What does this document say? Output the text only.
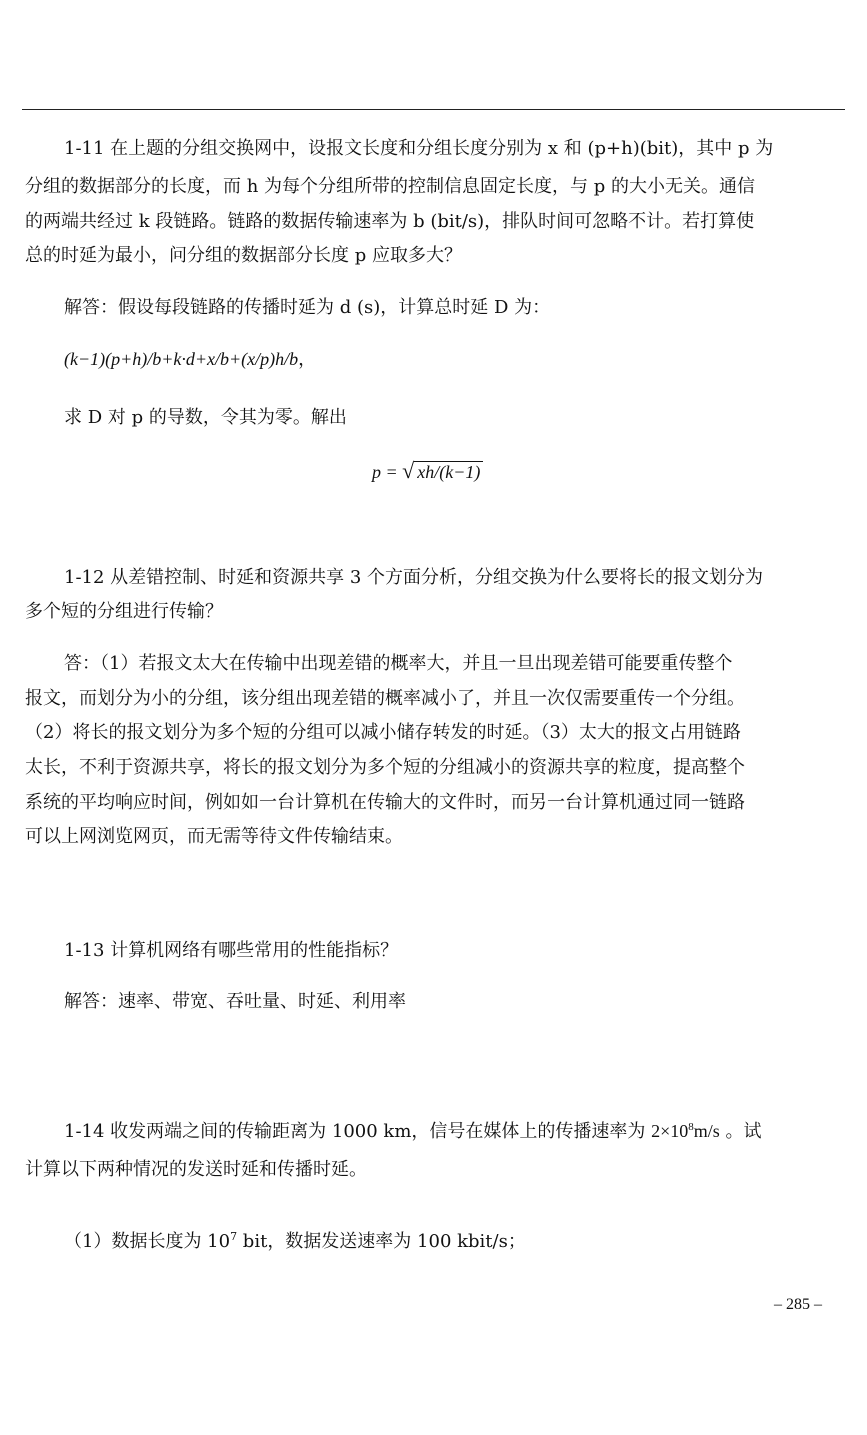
1-11 在上题的分组交换网中，设报文长度和分组长度分别为 x 和 (p+h)(bit)，其中 p 为
分组的数据部分的长度，而 h 为每个分组所带的控制信息固定长度，与 p 的大小无关。通信
的两端共经过 k 段链路。链路的数据传输速率为 b (bit/s)，排队时间可忽略不计。若打算使
总的时延为最小，问分组的数据部分长度 p 应取多大？
解答：假设每段链路的传播时延为 d (s)，计算总时延 D 为：
(k−1)(p+h)/b+k·d+x/b+(x/p)h/b，
求 D 对 p 的导数，令其为零。解出
p = √ xh/(k−1)
1-12 从差错控制、时延和资源共享 3 个方面分析，分组交换为什么要将长的报文划分为
多个短的分组进行传输？
答：（1）若报文太大在传输中出现差错的概率大，并且一旦出现差错可能要重传整个
报文，而划分为小的分组，该分组出现差错的概率减小了，并且一次仅需要重传一个分组。
（2）将长的报文划分为多个短的分组可以减小储存转发的时延。（3）太大的报文占用链路
太长，不利于资源共享，将长的报文划分为多个短的分组减小的资源共享的粒度，提高整个
系统的平均响应时间，例如如一台计算机在传输大的文件时，而另一台计算机通过同一链路
可以上网浏览网页，而无需等待文件传输结束。
1-13 计算机网络有哪些常用的性能指标？
解答：速率、带宽、吞吐量、时延、利用率
1-14 收发两端之间的传输距离为 1000 km，信号在媒体上的传播速率为 $2\times 10^8m/s$ 。试
计算以下两种情况的发送时延和传播时延。
（1）数据长度为 $10^7$ bit，数据发送速率为 100 kbit/s；
– 285 –
